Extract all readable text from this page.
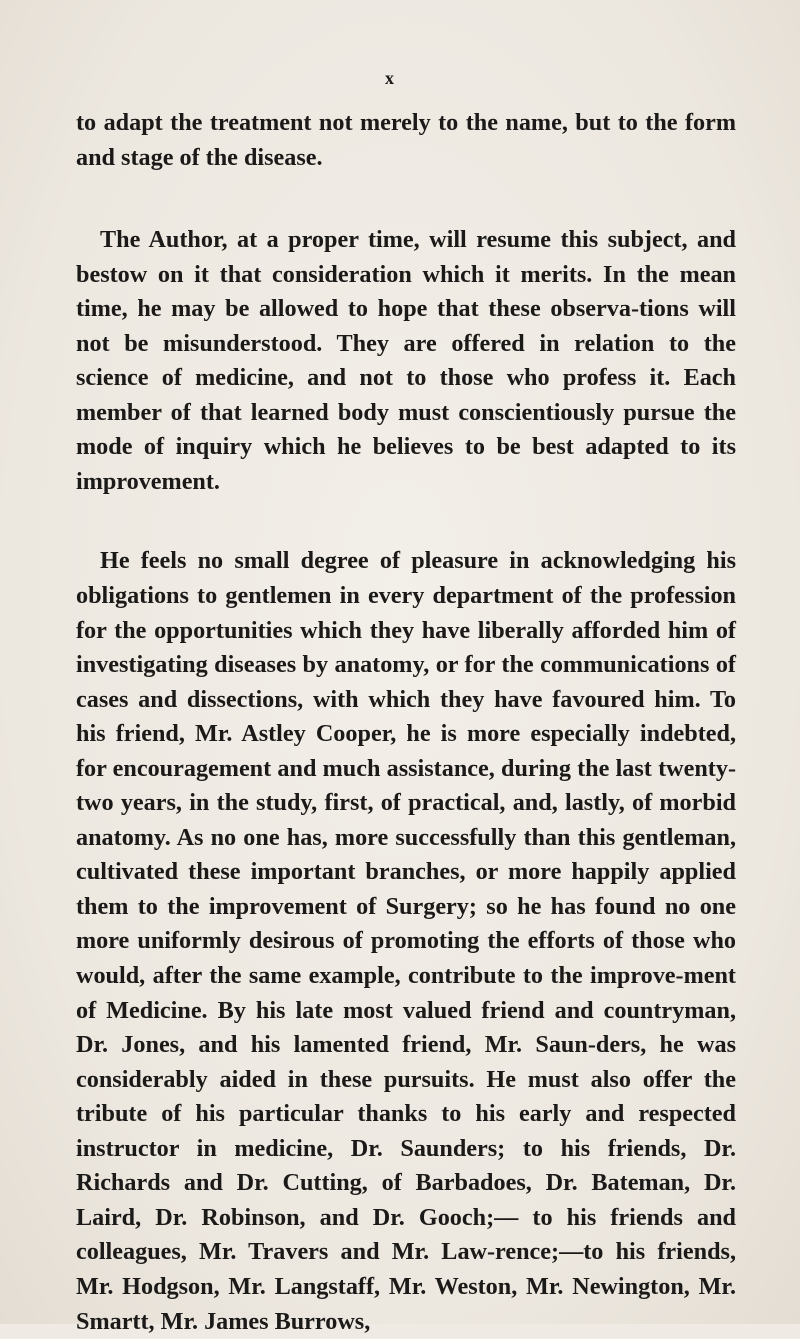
x

to adapt the treatment not merely to the name, but to the form and stage of the disease.

The Author, at a proper time, will resume this subject, and bestow on it that consideration which it merits. In the mean time, he may be allowed to hope that these observa-tions will not be misunderstood. They are offered in relation to the science of medicine, and not to those who profess it. Each member of that learned body must conscientiously pursue the mode of inquiry which he believes to be best adapted to its improvement.

He feels no small degree of pleasure in acknowledging his obligations to gentlemen in every department of the profession for the opportunities which they have liberally afforded him of investigating diseases by anatomy, or for the communications of cases and dissections, with which they have favoured him. To his friend, Mr. Astley Cooper, he is more especially indebted, for encouragement and much assistance, during the last twenty-two years, in the study, first, of practical, and, lastly, of morbid anatomy. As no one has, more successfully than this gentleman, cultivated these important branches, or more happily applied them to the improvement of Surgery; so he has found no one more uniformly desirous of promoting the efforts of those who would, after the same example, contribute to the improve-ment of Medicine. By his late most valued friend and countryman, Dr. Jones, and his lamented friend, Mr. Saun-ders, he was considerably aided in these pursuits. He must also offer the tribute of his particular thanks to his early and respected instructor in medicine, Dr. Saunders; to his friends, Dr. Richards and Dr. Cutting, of Barbadoes, Dr. Bateman, Dr. Laird, Dr. Robinson, and Dr. Gooch;— to his friends and colleagues, Mr. Travers and Mr. Law-rence;—to his friends, Mr. Hodgson, Mr. Langstaff, Mr. Weston, Mr. Newington, Mr. Smartt, Mr. James Burrows,
